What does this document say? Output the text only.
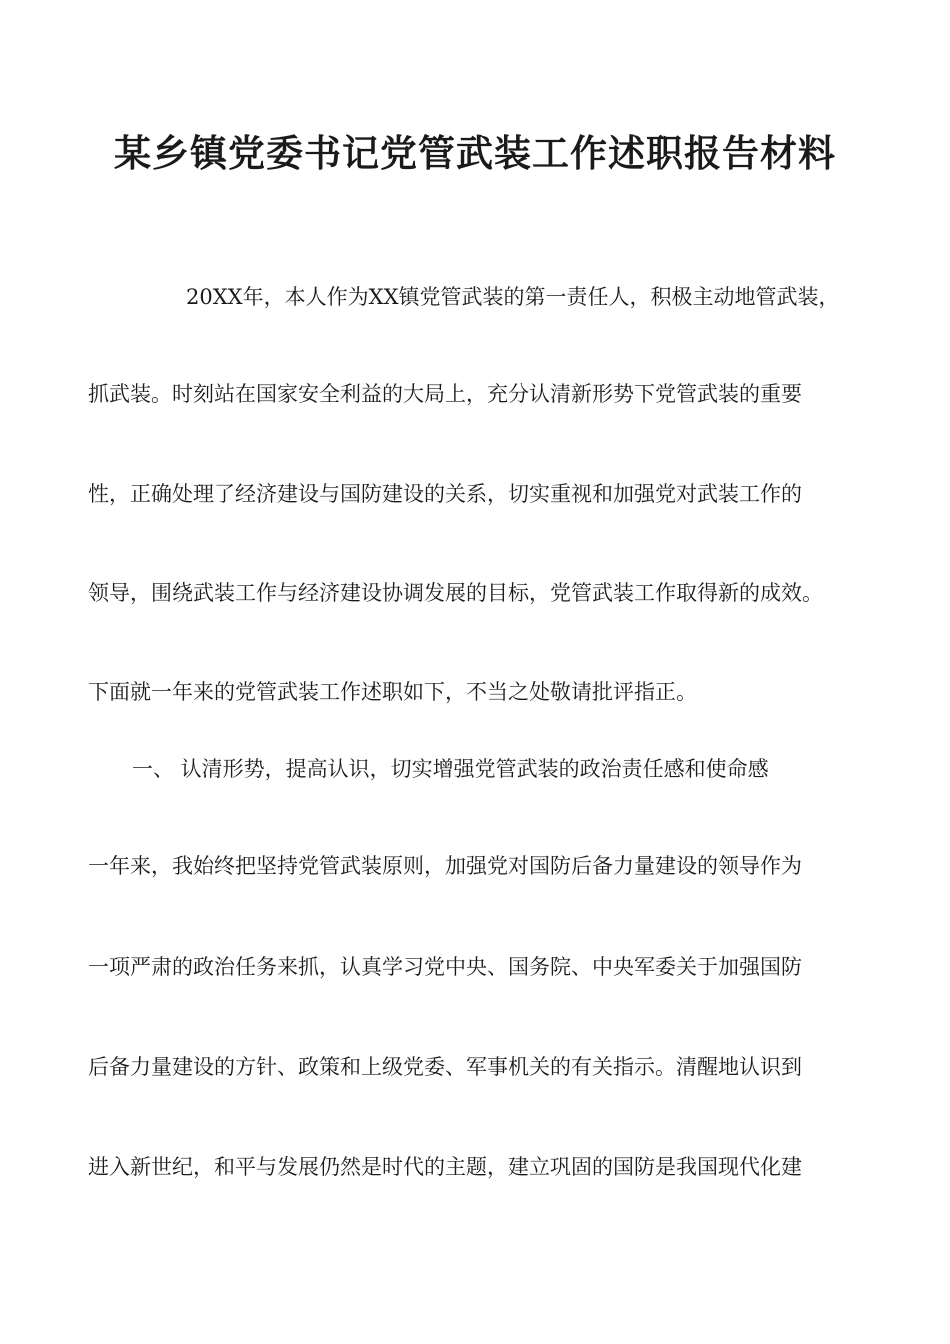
某乡镇党委书记党管武装工作述职报告材料
20XX年，本人作为XX镇党管武装的第一责任人，积极主动地管武装，
抓武装。时刻站在国家安全利益的大局上，充分认清新形势下党管武装的重要
性，正确处理了经济建设与国防建设的关系，切实重视和加强党对武装工作的
领导，围绕武装工作与经济建设协调发展的目标，党管武装工作取得新的成效。
下面就一年来的党管武装工作述职如下，不当之处敬请批评指正。
一、 认清形势，提高认识，切实增强党管武装的政治责任感和使命感
一年来，我始终把坚持党管武装原则，加强党对国防后备力量建设的领导作为
一项严肃的政治任务来抓，认真学习党中央、国务院、中央军委关于加强国防
后备力量建设的方针、政策和上级党委、军事机关的有关指示。清醒地认识到
进入新世纪，和平与发展仍然是时代的主题，建立巩固的国防是我国现代化建
